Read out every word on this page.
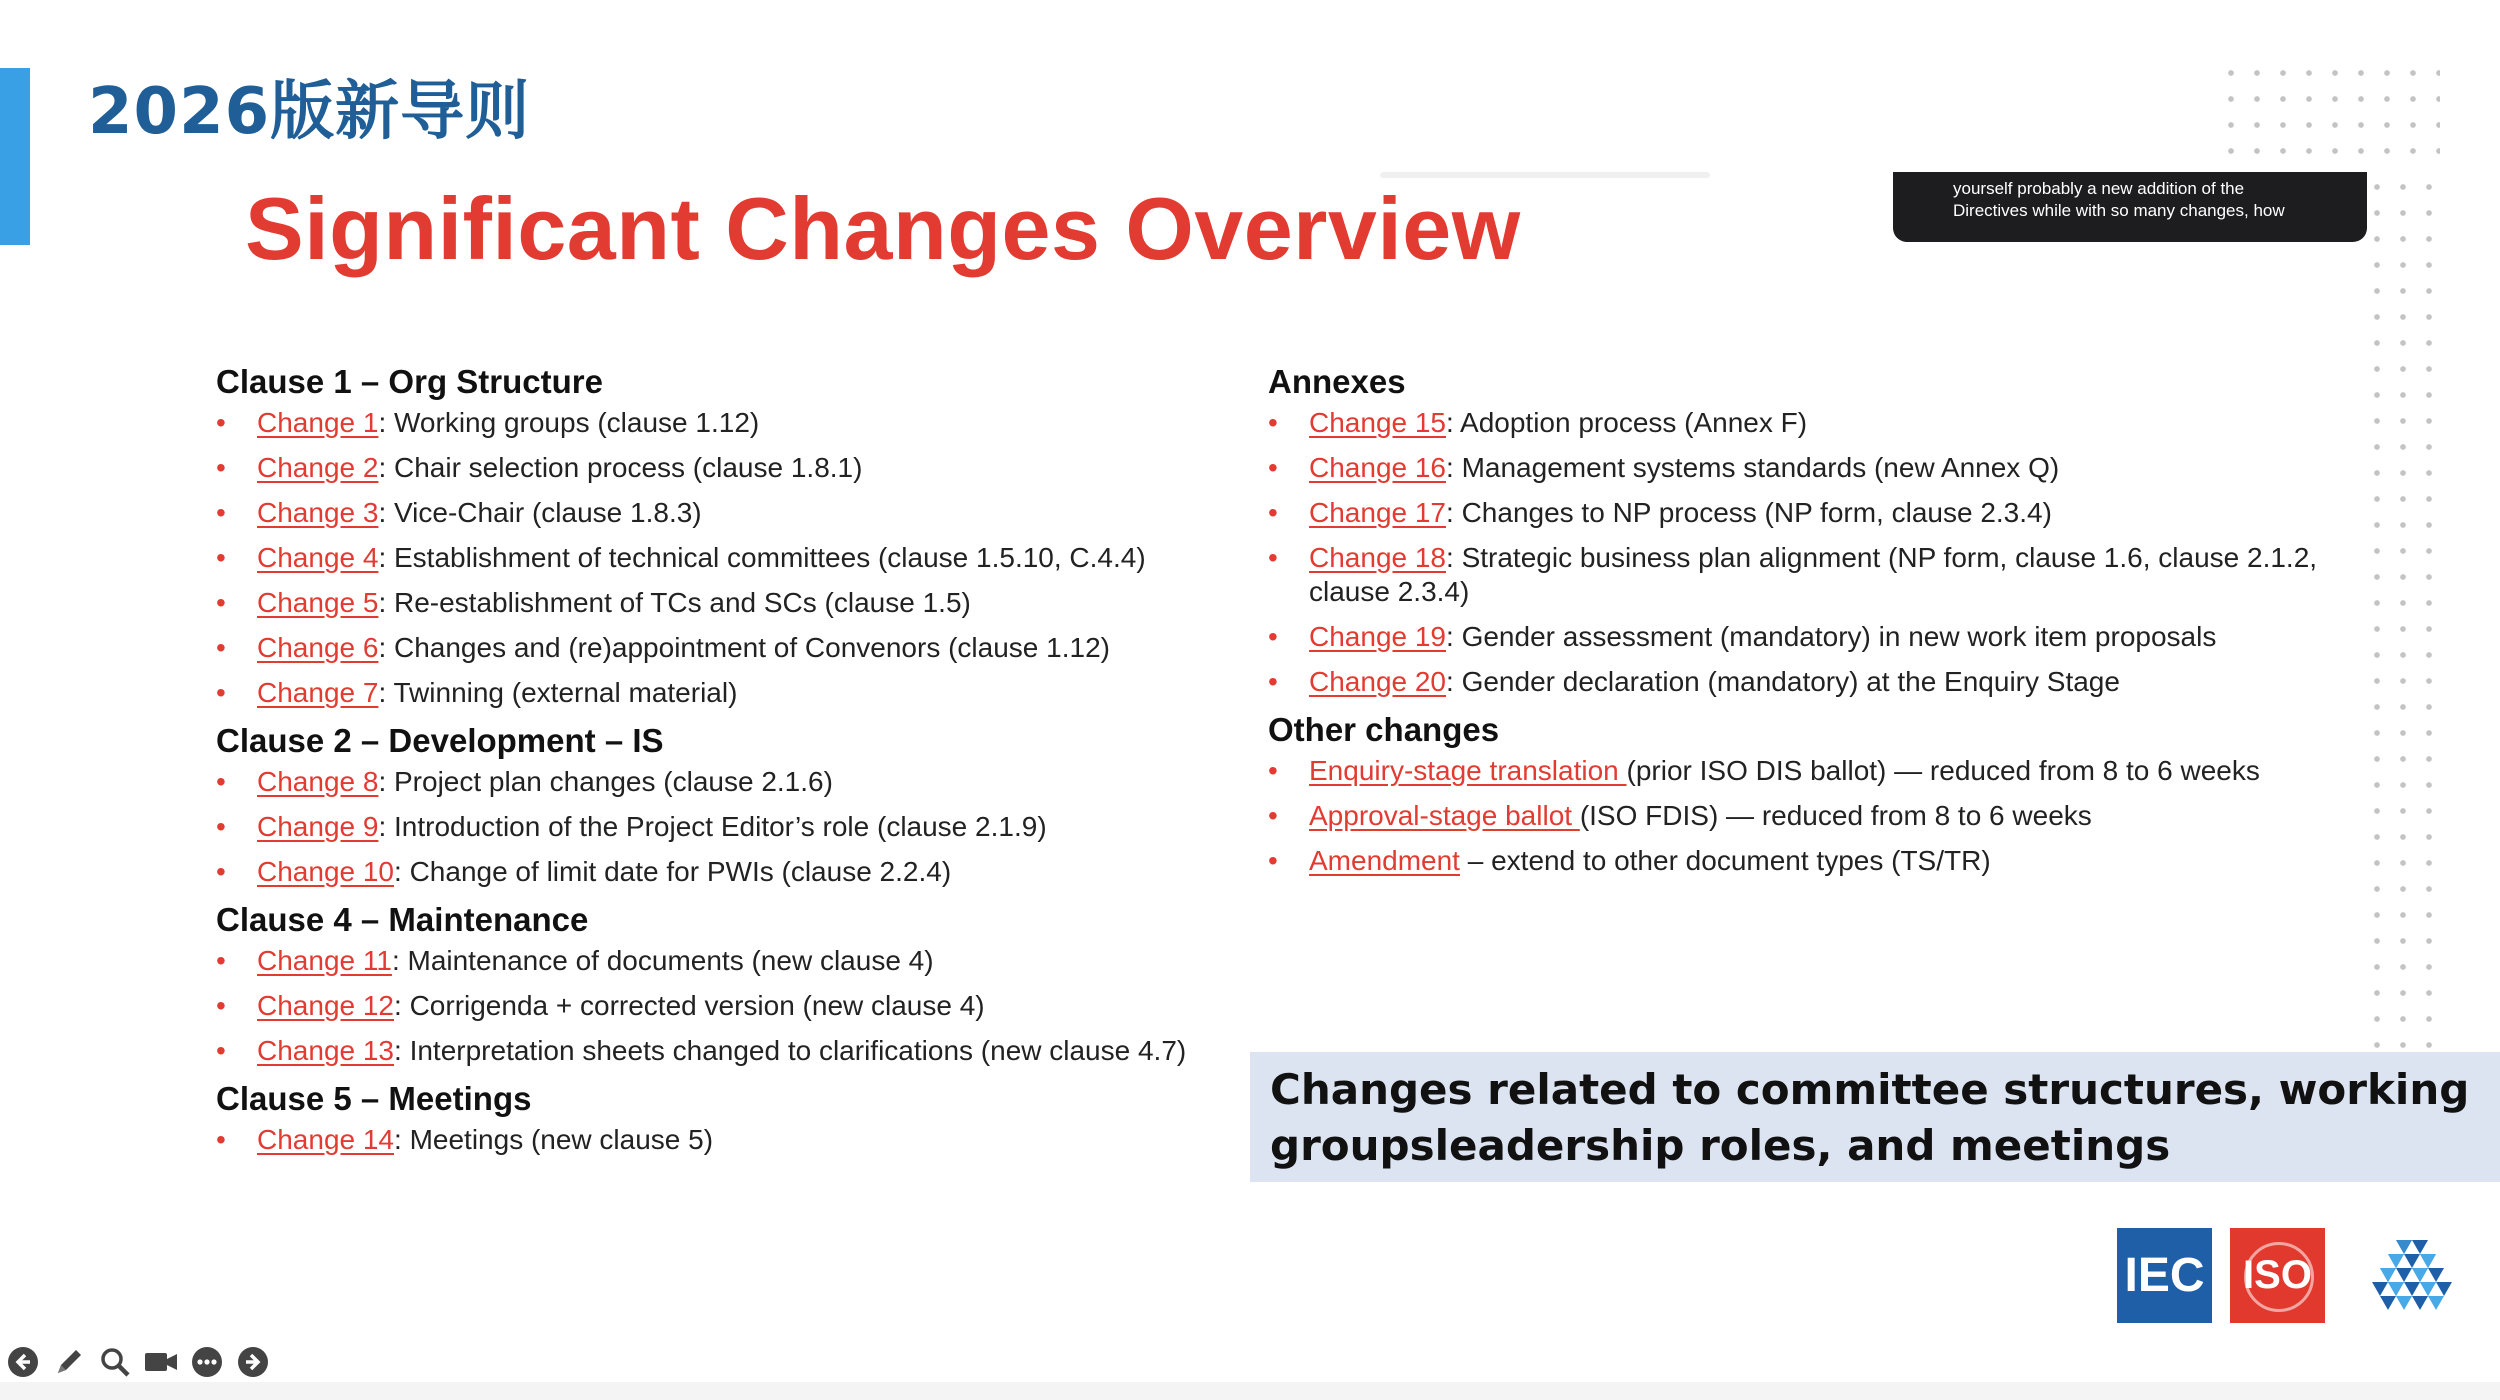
2026版新导则
Significant Changes Overview	yourself probably a new addition of the
Directives while with so many changes, how
Clause 1 – Org Structure
• Change 1: Working groups (clause 1.12)
• Change 2: Chair selection process (clause 1.8.1)
• Change 3: Vice-Chair (clause 1.8.3)
• Change 4: Establishment of technical committees (clause 1.5.10, C.4.4)
• Change 5: Re-establishment of TCs and SCs (clause 1.5)
• Change 6: Changes and (re)appointment of Convenors (clause 1.12)
• Change 7: Twinning (external material)
Clause 2 – Development – IS
• Change 8: Project plan changes (clause 2.1.6)
• Change 9: Introduction of the Project Editor’s role (clause 2.1.9)
• Change 10: Change of limit date for PWIs (clause 2.2.4)
Clause 4 – Maintenance
• Change 11: Maintenance of documents (new clause 4)
• Change 12: Corrigenda + corrected version (new clause 4)
• Change 13: Interpretation sheets changed to clarifications (new clause 4.7)
Clause 5 – Meetings
• Change 14: Meetings (new clause 5)
Annexes
• Change 15: Adoption process (Annex F)
• Change 16: Management systems standards (new Annex Q)
• Change 17: Changes to NP process (NP form, clause 2.3.4)
• Change 18: Strategic business plan alignment (NP form, clause 1.6, clause 2.1.2, clause 2.3.4)
• Change 19: Gender assessment (mandatory) in new work item proposals
• Change 20: Gender declaration (mandatory) at the Enquiry Stage
Other changes
• Enquiry-stage translation (prior ISO DIS ballot) — reduced from 8 to 6 weeks
• Approval-stage ballot (ISO FDIS) — reduced from 8 to 6 weeks
• Amendment – extend to other document types (TS/TR)
Changes related to committee structures, working groupsleadership roles, and meetings
IEC ISO
